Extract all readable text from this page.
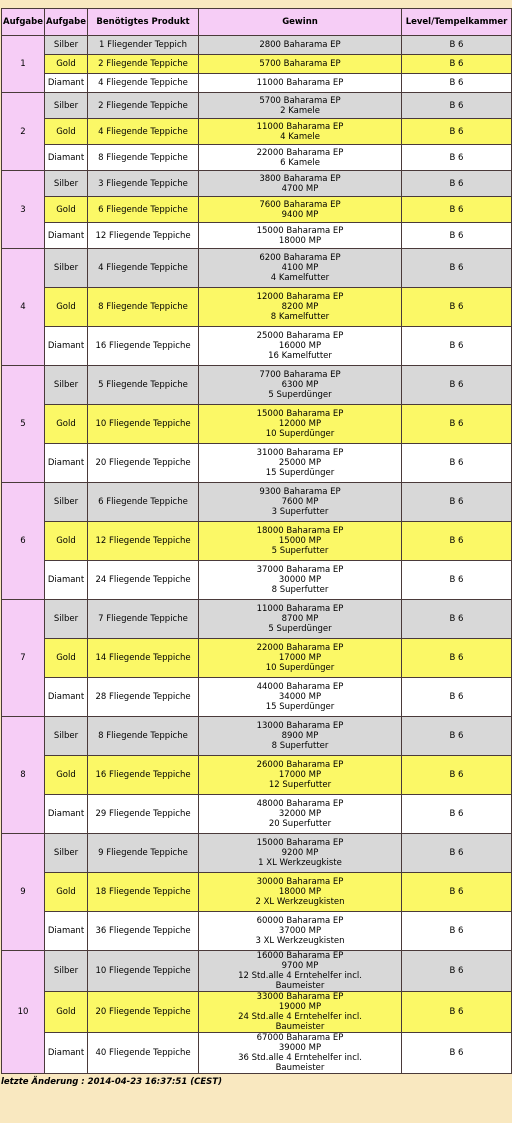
Aufgabe	Aufgabe	Benötigtes Produkt	Gewinn	Level/Tempelkammer
1	Silber	1 Fliegender Teppich	2800 Baharama EP	B 6
	Gold	2 Fliegende Teppiche	5700 Baharama EP	B 6
	Diamant	4 Fliegende Teppiche	11000 Baharama EP	B 6
2	Silber	2 Fliegende Teppiche	5700 Baharama EP
2 Kamele	B 6
	Gold	4 Fliegende Teppiche	11000 Baharama EP
4 Kamele	B 6
	Diamant	8 Fliegende Teppiche	22000 Baharama EP
6 Kamele	B 6
3	Silber	3 Fliegende Teppiche	3800 Baharama EP
4700 MP	B 6
	Gold	6 Fliegende Teppiche	7600 Baharama EP
9400 MP	B 6
	Diamant	12 Fliegende Teppiche	15000 Baharama EP
18000 MP	B 6
4	Silber	4 Fliegende Teppiche	6200 Baharama EP
4100 MP
4 Kamelfutter	B 6
	Gold	8 Fliegende Teppiche	12000 Baharama EP
8200 MP
8 Kamelfutter	B 6
	Diamant	16 Fliegende Teppiche	25000 Baharama EP
16000 MP
16 Kamelfutter	B 6
5	Silber	5 Fliegende Teppiche	7700 Baharama EP
6300 MP
5 Superdünger	B 6
	Gold	10 Fliegende Teppiche	15000 Baharama EP
12000 MP
10 Superdünger	B 6
	Diamant	20 Fliegende Teppiche	31000 Baharama EP
25000 MP
15 Superdünger	B 6
6	Silber	6 Fliegende Teppiche	9300 Baharama EP
7600 MP
3 Superfutter	B 6
	Gold	12 Fliegende Teppiche	18000 Baharama EP
15000 MP
5 Superfutter	B 6
	Diamant	24 Fliegende Teppiche	37000 Baharama EP
30000 MP
8 Superfutter	B 6
7	Silber	7 Fliegende Teppiche	11000 Baharama EP
8700 MP
5 Superdünger	B 6
	Gold	14 Fliegende Teppiche	22000 Baharama EP
17000 MP
10 Superdünger	B 6
	Diamant	28 Fliegende Teppiche	44000 Baharama EP
34000 MP
15 Superdünger	B 6
8	Silber	8 Fliegende Teppiche	13000 Baharama EP
8900 MP
8 Superfutter	B 6
	Gold	16 Fliegende Teppiche	26000 Baharama EP
17000 MP
12 Superfutter	B 6
	Diamant	29 Fliegende Teppiche	48000 Baharama EP
32000 MP
20 Superfutter	B 6
9	Silber	9 Fliegende Teppiche	15000 Baharama EP
9200 MP
1 XL Werkzeugkiste	B 6
	Gold	18 Fliegende Teppiche	30000 Baharama EP
18000 MP
2 XL Werkzeugkisten	B 6
	Diamant	36 Fliegende Teppiche	60000 Baharama EP
37000 MP
3 XL Werkzeugkisten	B 6
10	Silber	10 Fliegende Teppiche	16000 Baharama EP
9700 MP
12 Std.alle 4 Erntehelfer incl.
Baumeister	B 6
	Gold	20 Fliegende Teppiche	33000 Baharama EP
19000 MP
24 Std.alle 4 Erntehelfer incl.
Baumeister	B 6
	Diamant	40 Fliegende Teppiche	67000 Baharama EP
39000 MP
36 Std.alle 4 Erntehelfer incl.
Baumeister	B 6
letzte Änderung : 2014-04-23 16:37:51 (CEST)
